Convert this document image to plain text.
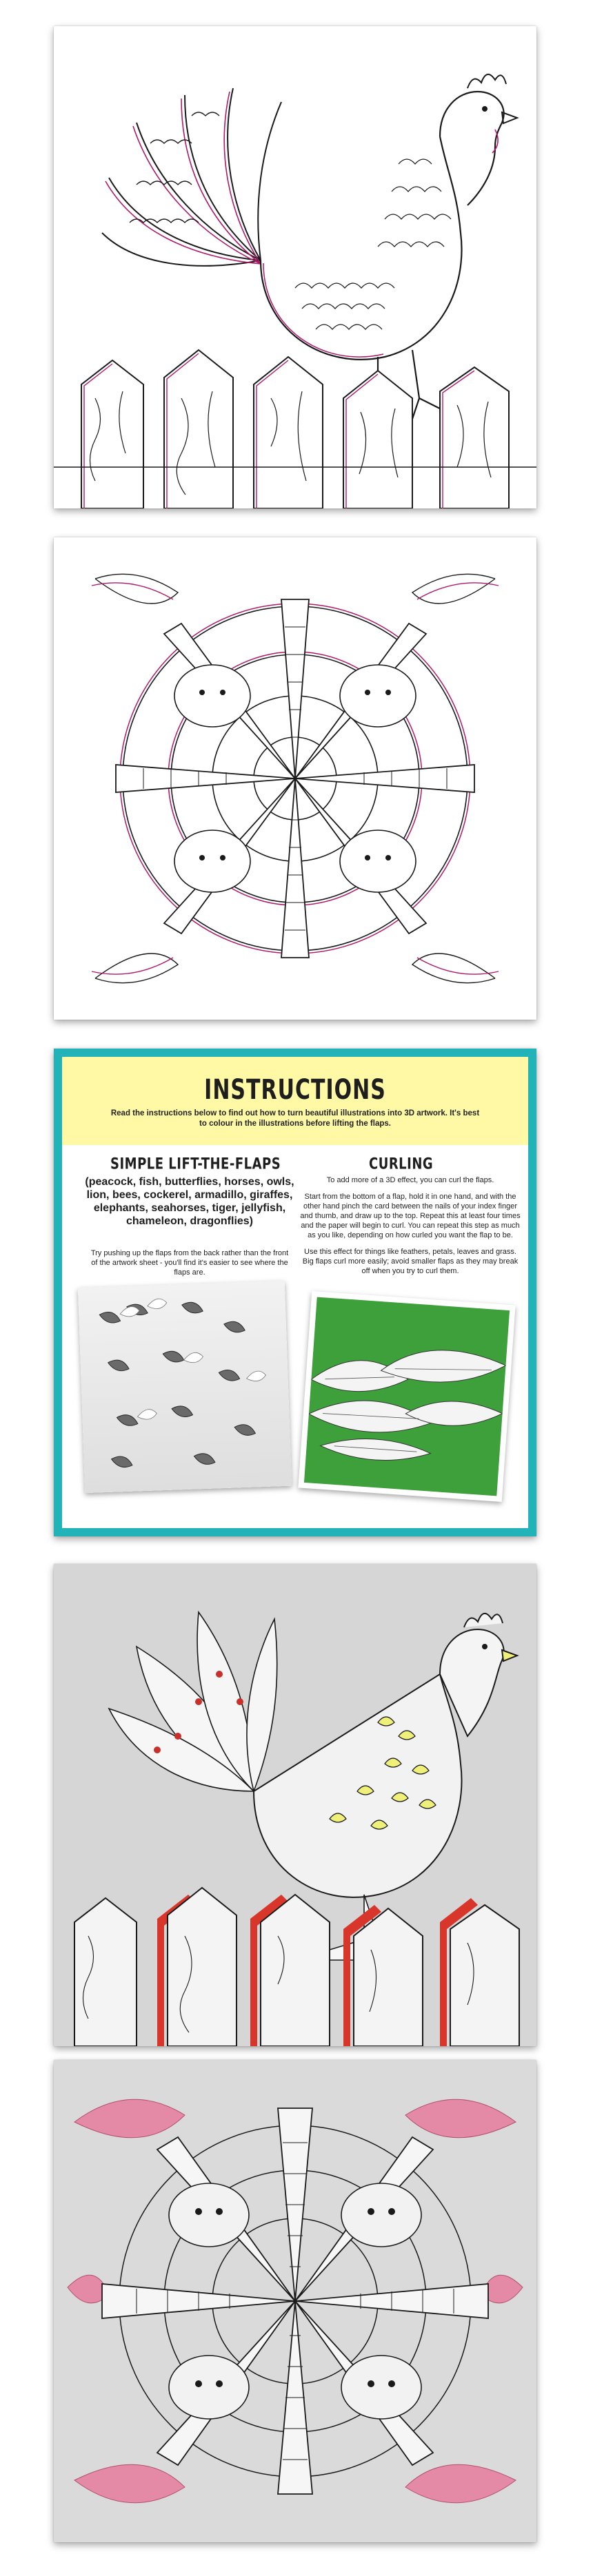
INSTRUCTIONS

Read the instructions below to find out how to turn beautiful illustrations into 3D artwork. It's best to colour in the illustrations before lifting the flaps.

SIMPLE LIFT-THE-FLAPS
(peacock, fish, butterflies, horses, owls, lion, bees, cockerel, armadillo, giraffes, elephants, seahorses, tiger, jellyfish, chameleon, dragonflies)
Try pushing up the flaps from the back rather than the front of the artwork sheet - you'll find it's easier to see where the flaps are.
CURLING

To add more of a 3D effect, you can curl the flaps.

Start from the bottom of a flap, hold it in one hand, and with the other hand pinch the card between the nails of your index finger and thumb, and draw up to the top. Repeat this at least four times and the paper will begin to curl. You can repeat this step as much as you like, depending on how curled you want the flap to be.

Use this effect for things like feathers, petals, leaves and grass. Big flaps curl more easily; avoid smaller flaps as they may break off when you try to curl them.
